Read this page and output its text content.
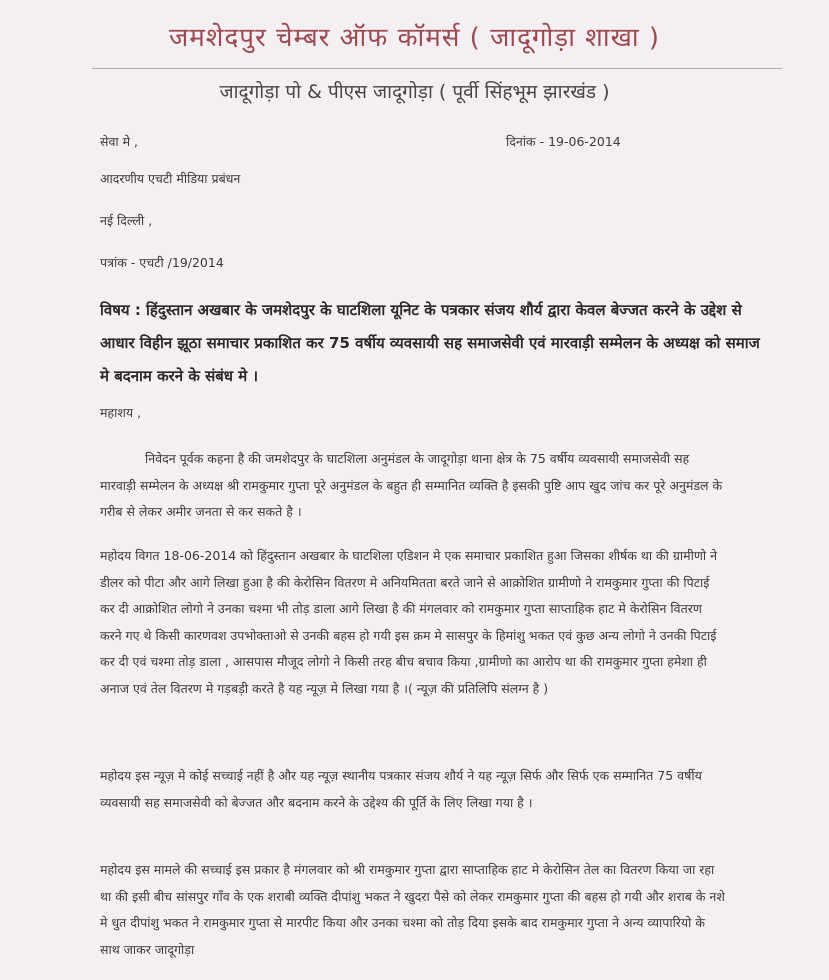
जमशेदपुर चेम्बर ऑफ कॉमर्स ( जादूगोड़ा शाखा )
जादूगोड़ा पो & पीएस जादूगोड़ा ( पूर्वी सिंहभूम झारखंड )
सेवा मे ,	दिनांक - 19-06-2014
आदरणीय एचटी मीडिया प्रबंधन
नई दिल्ली ,
पत्रांक - एचटी /19/2014
विषय : हिंदुस्तान अखबार के जमशेदपुर के घाटशिला यूनिट के पत्रकार संजय शौर्य द्वारा केवल बेज्जत करने के उद्देश से आधार विहीन झूठा समाचार प्रकाशित कर 75 वर्षीय व्यवसायी सह समाजसेवी एवं मारवाड़ी सम्मेलन के अध्यक्ष को समाज मे बदनाम करने के संबंध मे ।
महाशय ,
निवेदन पूर्वक कहना है की जमशेदपुर के घाटशिला अनुमंडल के जादूगोड़ा थाना क्षेत्र के 75 वर्षीय व्यवसायी समाजसेवी सह मारवाड़ी सम्मेलन के अध्यक्ष श्री रामकुमार गुप्ता पूरे अनुमंडल के बहुत ही सम्मानित व्यक्ति है इसकी पुष्टि आप खुद जांच कर पूरे अनुमंडल के गरीब से लेकर अमीर जनता से कर सकते है ।
महोदय विगत 18-06-2014 को हिंदुस्तान अखबार के घाटशिला एडिशन मे एक समाचार प्रकाशित हुआ जिसका शीर्षक था की ग्रामीणो ने डीलर को पीटा और आगे लिखा हुआ है की केरोसिन वितरण मे अनियमितता बरते जाने से आक्रोशित ग्रामीणो ने रामकुमार गुप्ता की पिटाई कर दी आक्रोशित लोगो ने उनका चश्मा भी तोड़ डाला आगे लिखा है की मंगलवार को रामकुमार गुप्ता साप्ताहिक हाट मे केरोसिन वितरण करने गए थे किसी कारणवश उपभोक्ताओ से उनकी बहस हो गयी इस क्रम मे सासपुर के हिमांशु भकत एवं कुछ अन्य लोगो ने उनकी पिटाई कर दी एवं चश्मा तोड़ डाला , आसपास मौजूद लोगो ने किसी तरह बीच बचाव किया ,ग्रामीणो का आरोप था की रामकुमार गुप्ता हमेशा ही अनाज एवं तेल वितरण मे गड़बड़ी करते है यह न्यूज़ मे लिखा गया है ।( न्यूज़ की प्रतिलिपि संलग्न है )
महोदय इस न्यूज़ मे कोई सच्चाई नहीं है और यह न्यूज़ स्थानीय पत्रकार संजय शौर्य ने यह न्यूज़ सिर्फ और सिर्फ एक सम्मानित 75 वर्षीय व्यवसायी सह समाजसेवी को बेज्जत और बदनाम करने के उद्देश्य की पूर्ति के लिए लिखा गया है ।
महोदय इस मामले की सच्चाई इस प्रकार है मंगलवार को श्री रामकुमार गुप्ता द्वारा साप्ताहिक हाट मे केरोसिन तेल का वितरण किया जा रहा था की इसी बीच सांसपुर गाँव के एक शराबी व्यक्ति दीपांशु भकत ने खुदरा पैसे को लेकर रामकुमार गुप्ता की बहस हो गयी और शराब के नशे मे धुत दीपांशु भकत ने रामकुमार गुप्ता से मारपीट किया और उनका चश्मा को तोड़ दिया इसके बाद रामकुमार गुप्ता ने अन्य व्यापारियो के साथ जाकर जादूगोड़ा
